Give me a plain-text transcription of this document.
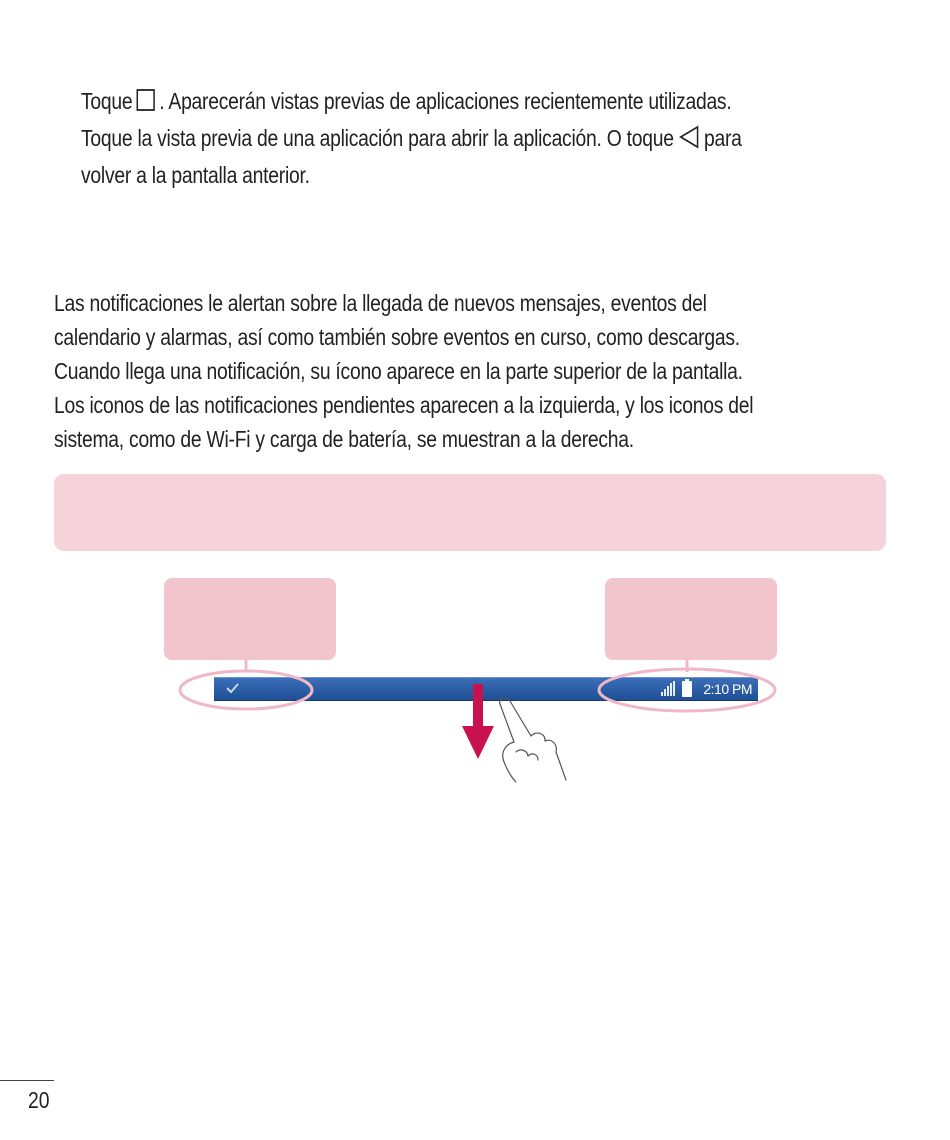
Toque . Aparecerán vistas previas de aplicaciones recientemente utilizadas.
Toque la vista previa de una aplicación para abrir la aplicación. O toque para
volver a la pantalla anterior.
Las notificaciones le alertan sobre la llegada de nuevos mensajes, eventos del
calendario y alarmas, así como también sobre eventos en curso, como descargas.
Cuando llega una notificación, su ícono aparece en la parte superior de la pantalla.
Los iconos de las notificaciones pendientes aparecen a la izquierda, y los iconos del
sistema, como de Wi-Fi y carga de batería, se muestran a la derecha.
2:10 PM
20
